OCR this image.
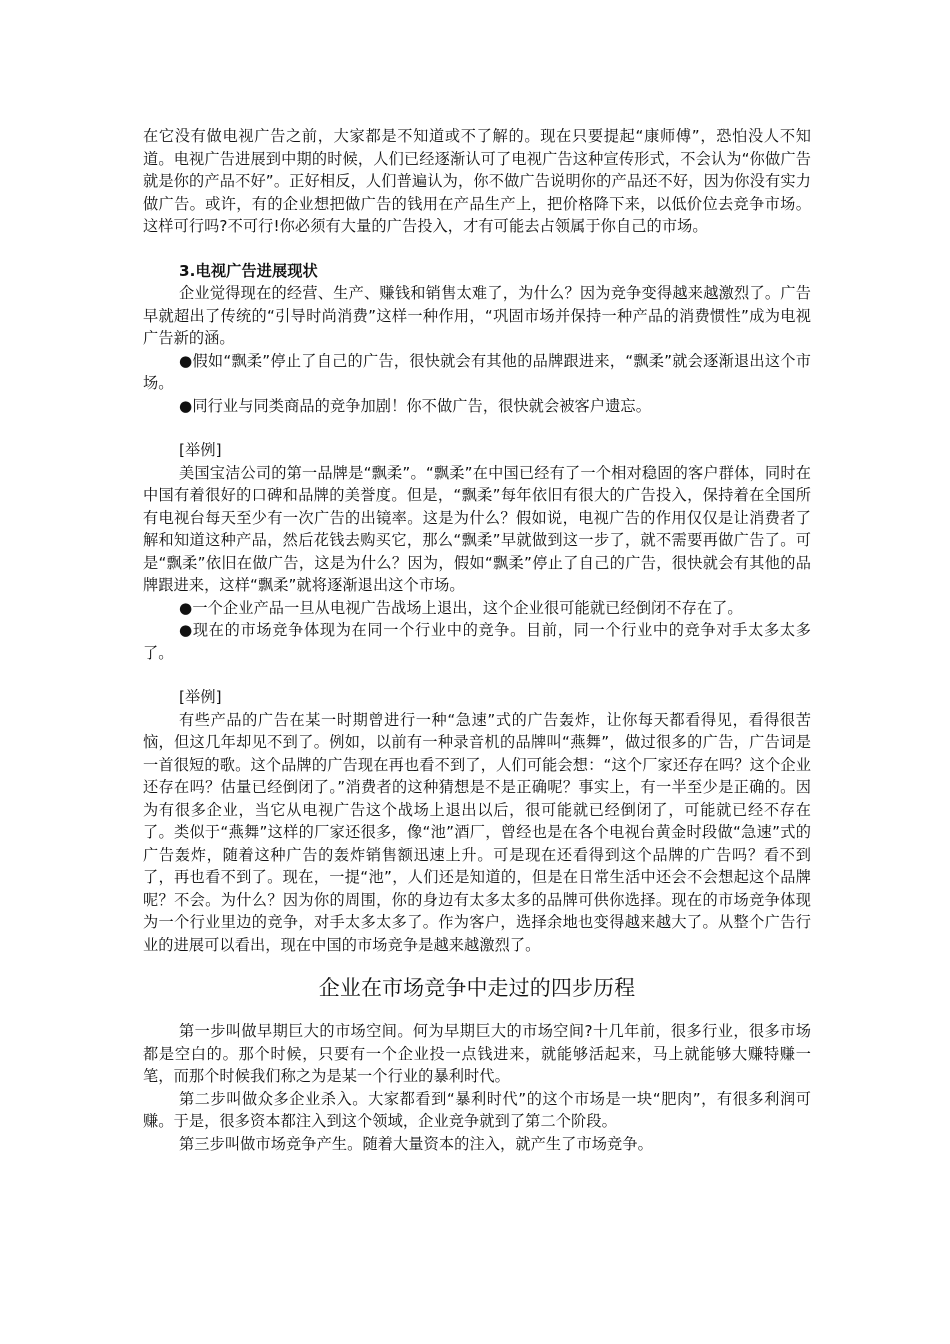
在它没有做电视广告之前，大家都是不知道或不了解的。现在只要提起“康师傅”，恐怕没人不知道。电视广告进展到中期的时候，人们已经逐渐认可了电视广告这种宣传形式，不会认为“你做广告就是你的产品不好”。正好相反，人们普遍认为，你不做广告说明你的产品还不好，因为你没有实力做广告。或许，有的企业想把做广告的钱用在产品生产上，把价格降下来，以低价位去竞争市场。这样可行吗?不可行!你必须有大量的广告投入，才有可能去占领属于你自己的市场。

3.电视广告进展现状

企业觉得现在的经营、生产、赚钱和销售太难了，为什么？因为竞争变得越来越激烈了。广告早就超出了传统的“引导时尚消费”这样一种作用，“巩固市场并保持一种产品的消费惯性”成为电视广告新的涵。

●假如“飘柔”停止了自己的广告，很快就会有其他的品牌跟进来，“飘柔”就会逐渐退出这个市场。

●同行业与同类商品的竞争加剧！你不做广告，很快就会被客户遗忘。

[举例]

美国宝洁公司的第一品牌是“飘柔”。“飘柔”在中国已经有了一个相对稳固的客户群体，同时在中国有着很好的口碑和品牌的美誉度。但是，“飘柔”每年依旧有很大的广告投入，保持着在全国所有电视台每天至少有一次广告的出镜率。这是为什么？假如说，电视广告的作用仅仅是让消费者了解和知道这种产品，然后花钱去购买它，那么“飘柔”早就做到这一步了，就不需要再做广告了。可是“飘柔”依旧在做广告，这是为什么？因为，假如“飘柔”停止了自己的广告，很快就会有其他的品牌跟进来，这样“飘柔”就将逐渐退出这个市场。

●一个企业产品一旦从电视广告战场上退出，这个企业很可能就已经倒闭不存在了。

●现在的市场竞争体现为在同一个行业中的竞争。目前，同一个行业中的竞争对手太多太多了。

[举例]

有些产品的广告在某一时期曾进行一种“急速”式的广告轰炸，让你每天都看得见，看得很苦恼，但这几年却见不到了。例如，以前有一种录音机的品牌叫“燕舞”，做过很多的广告，广告词是一首很短的歌。这个品牌的广告现在再也看不到了，人们可能会想：“这个厂家还存在吗？这个企业还存在吗？估量已经倒闭了。”消费者的这种猜想是不是正确呢？事实上，有一半至少是正确的。因为有很多企业，当它从电视广告这个战场上退出以后，很可能就已经倒闭了，可能就已经不存在了。类似于“燕舞”这样的厂家还很多，像“池”酒厂，曾经也是在各个电视台黄金时段做“急速”式的广告轰炸，随着这种广告的轰炸销售额迅速上升。可是现在还看得到这个品牌的广告吗？看不到了，再也看不到了。现在，一提“池”，人们还是知道的，但是在日常生活中还会不会想起这个品牌呢？不会。为什么？因为你的周围，你的身边有太多太多的品牌可供你选择。现在的市场竞争体现为一个行业里边的竞争，对手太多太多了。作为客户，选择余地也变得越来越大了。从整个广告行业的进展可以看出，现在中国的市场竞争是越来越激烈了。

企业在市场竞争中走过的四步历程

第一步叫做早期巨大的市场空间。何为早期巨大的市场空间?十几年前，很多行业，很多市场都是空白的。那个时候，只要有一个企业投一点钱进来，就能够活起来，马上就能够大赚特赚一笔，而那个时候我们称之为是某一个行业的暴利时代。

第二步叫做众多企业杀入。大家都看到“暴利时代”的这个市场是一块“肥肉”，有很多利润可赚。于是，很多资本都注入到这个领域，企业竞争就到了第二个阶段。

第三步叫做市场竞争产生。随着大量资本的注入，就产生了市场竞争。
